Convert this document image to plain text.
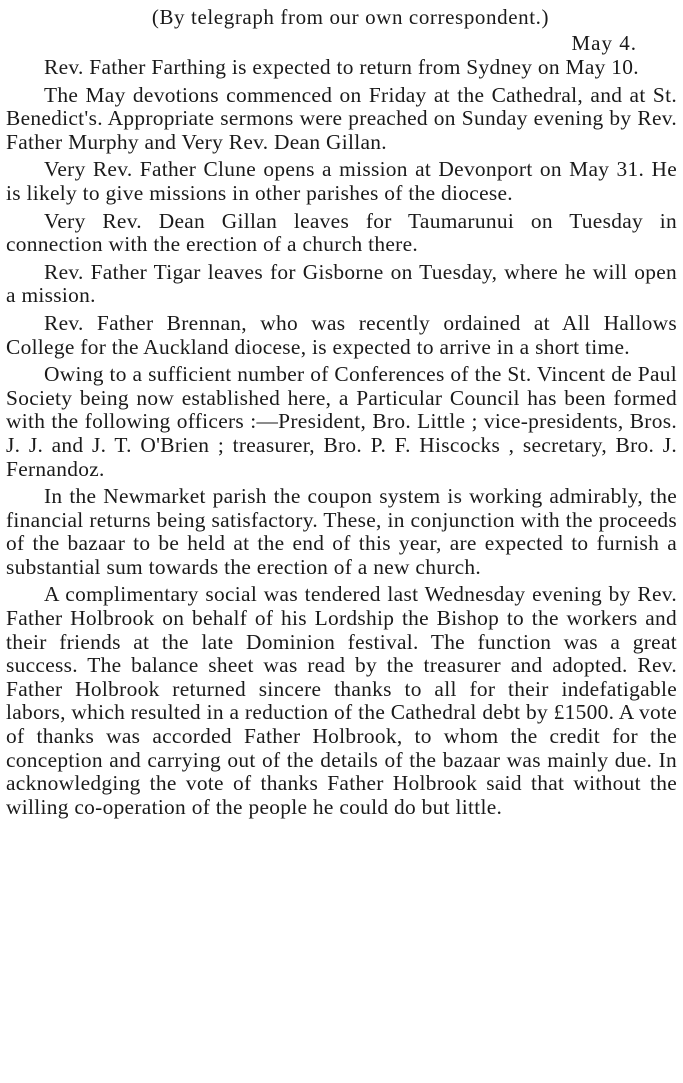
(By telegraph from our own correspondent.)
May 4.

Rev. Father Farthing is expected to return from Sydney on May 10.

The May devotions commenced on Friday at the Cathedral, and at St. Benedict's. Appropriate sermons were preached on Sunday evening by Rev. Father Murphy and Very Rev. Dean Gillan.

Very Rev. Father Clune opens a mission at Devonport on May 31. He is likely to give missions in other parishes of the diocese.

Very Rev. Dean Gillan leaves for Taumarunui on Tuesday in connection with the erection of a church there.

Rev. Father Tigar leaves for Gisborne on Tuesday, where he will open a mission.

Rev. Father Brennan, who was recently ordained at All Hallows College for the Auckland diocese, is expected to arrive in a short time.

Owing to a sufficient number of Conferences of the St. Vincent de Paul Society being now established here, a Particular Council has been formed with the following officers :—President, Bro. Little ; vice-presidents, Bros. J. J. and J. T. O'Brien ; treasurer, Bro. P. F. Hiscocks , secretary, Bro. J. Fernandoz.

In the Newmarket parish the coupon system is working admirably, the financial returns being satisfactory. These, in conjunction with the proceeds of the bazaar to be held at the end of this year, are expected to furnish a substantial sum towards the erection of a new church.

A complimentary social was tendered last Wednesday evening by Rev. Father Holbrook on behalf of his Lordship the Bishop to the workers and their friends at the late Dominion festival. The function was a great success. The balance sheet was read by the treasurer and adopted. Rev. Father Holbrook returned sincere thanks to all for their indefatigable labors, which resulted in a reduction of the Cathedral debt by £1500. A vote of thanks was accorded Father Holbrook, to whom the credit for the conception and carrying out of the details of the bazaar was mainly due. In acknowledging the vote of thanks Father Holbrook said that without the willing co-operation of the people he could do but little.
